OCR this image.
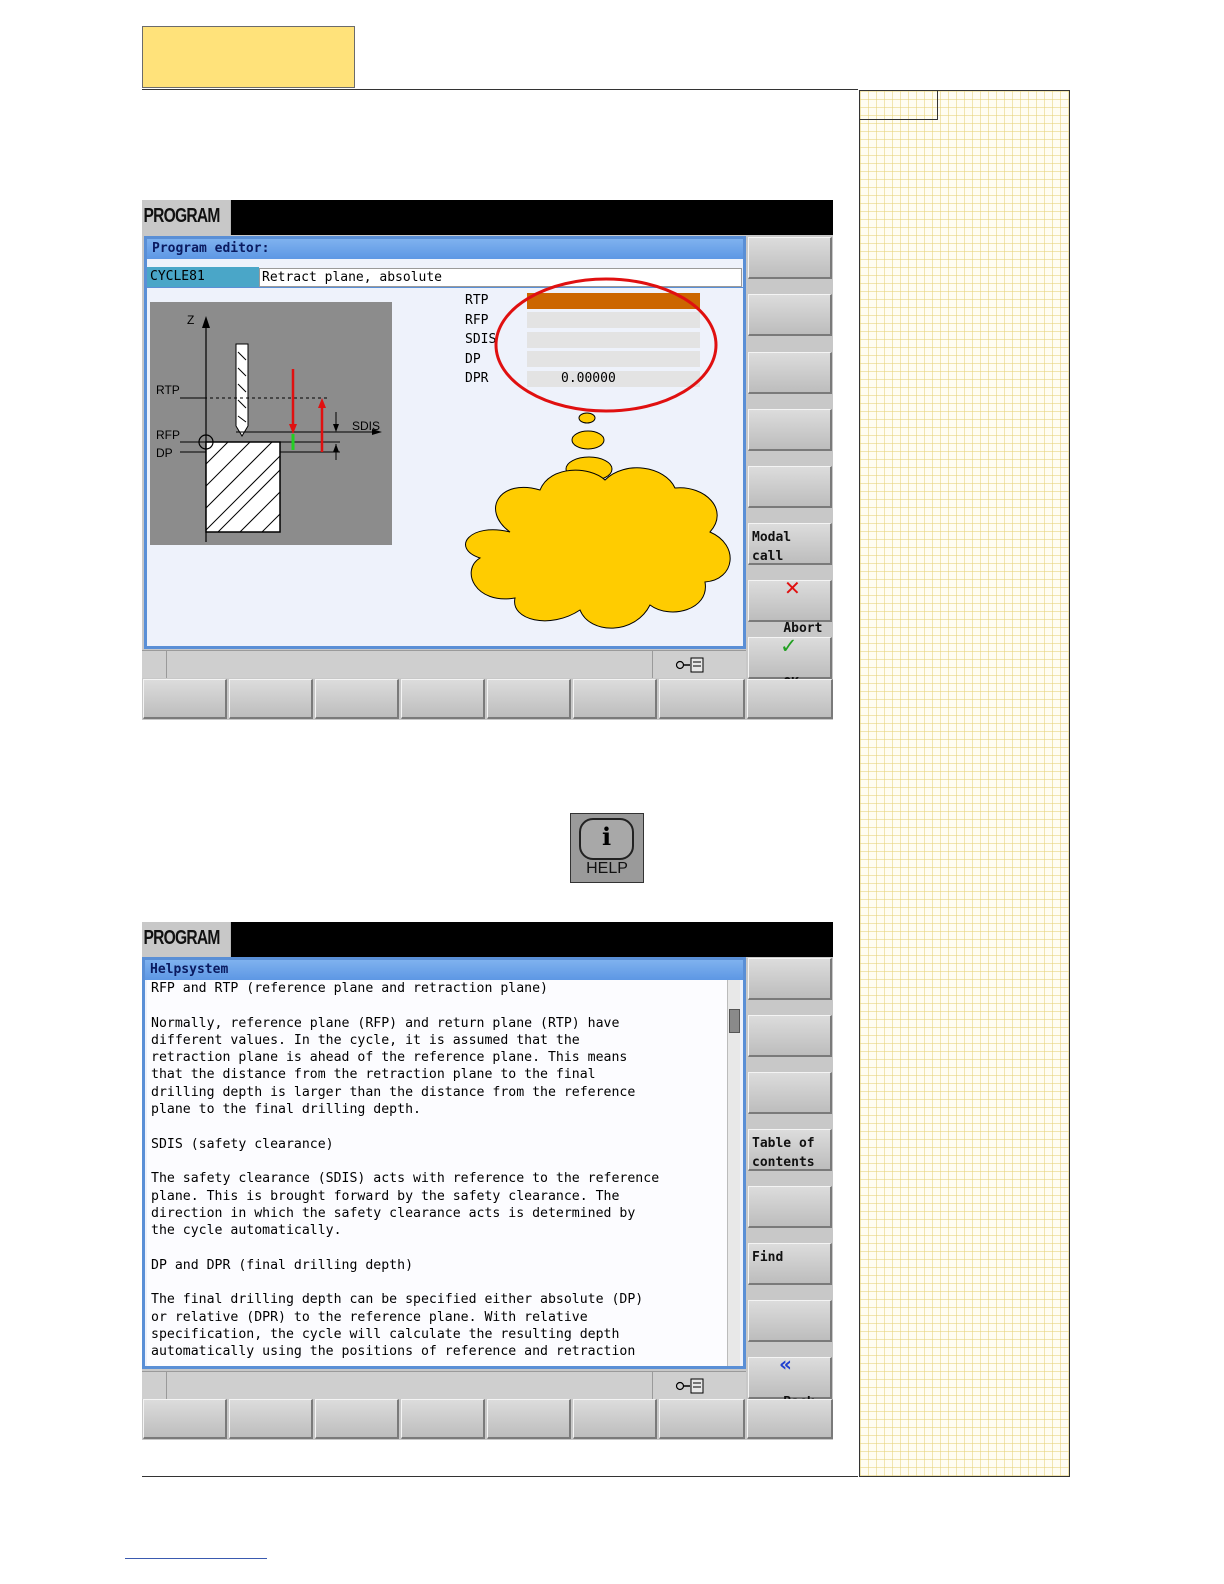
PROGRAM
Program editor:
CYCLE81	Retract plane, absolute
Z
RTP
RFP
DP
SDIS
RTP
RFP
SDIS
DP
DPR	0.00000
Modal
call

Abort

✕

✓

i
HELP
PROGRAM
Helpsystem
RFP and RTP (reference plane and retraction plane)
Normally, reference plane (RFP) and return plane (RTP) have
different values. In the cycle, it is assumed that the
retraction plane is ahead of the reference plane. This means
that the distance from the retraction plane to the final
drilling depth is larger than the distance from the reference
plane to the final drilling depth.
SDIS (safety clearance)
The safety clearance (SDIS) acts with reference to the reference
plane. This is brought forward by the safety clearance. The
direction in which the safety clearance acts is determined by
the cycle automatically.
DP and DPR (final drilling depth)
The final drilling depth can be specified either absolute (DP)
or relative (DPR) to the reference plane. With relative
specification, the cycle will calculate the resulting depth
automatically using the positions of reference and retraction
Table of
contents
Find

«
